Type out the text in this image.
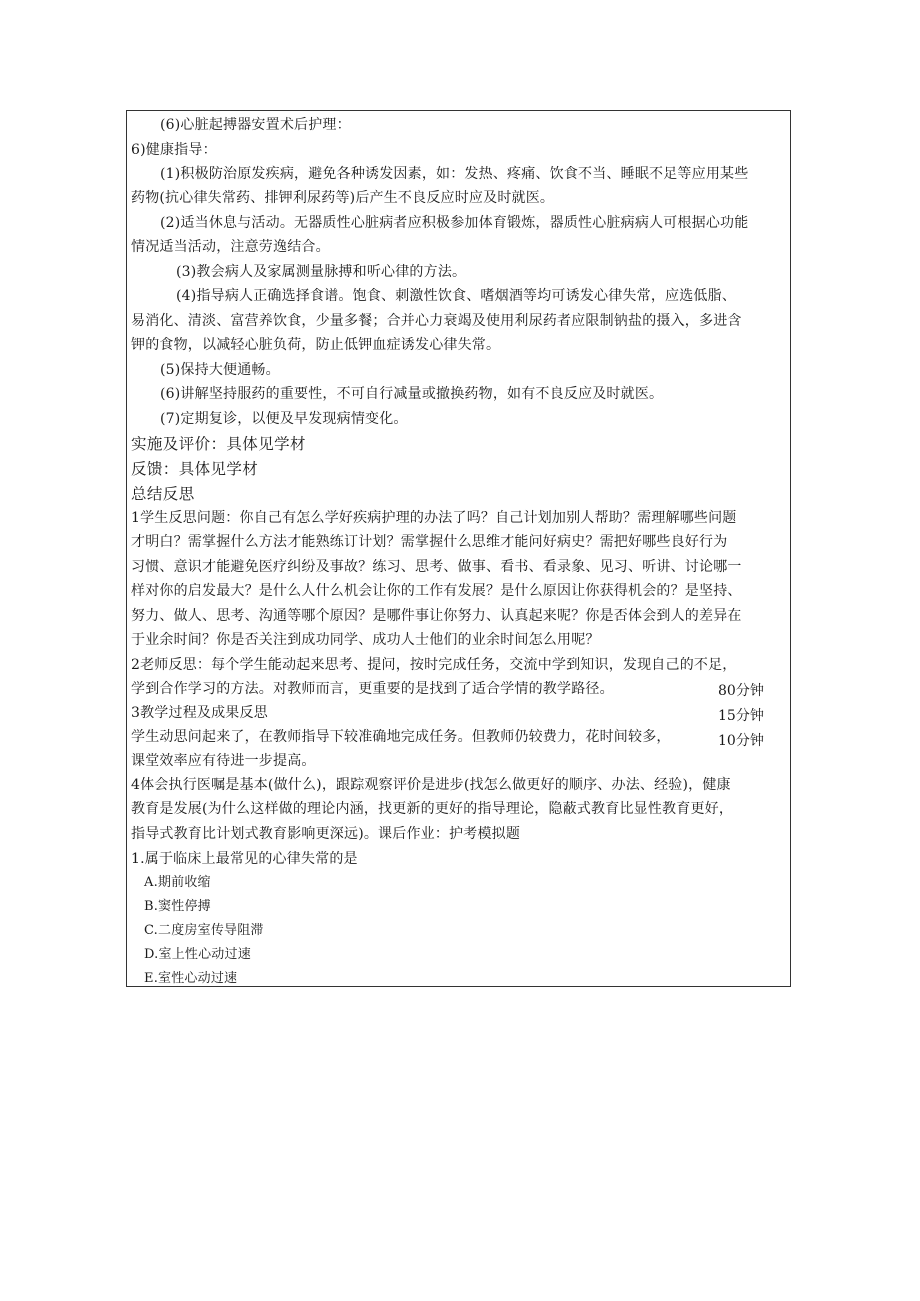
(6)心脏起搏器安置术后护理：
6)健康指导：
(1)积极防治原发疾病，避免各种诱发因素，如：发热、疼痛、饮食不当、睡眠不足等应用某些
药物(抗心律失常药、排钾利尿药等)后产生不良反应时应及时就医。
(2)适当休息与活动。无器质性心脏病者应积极参加体育锻炼，器质性心脏病病人可根据心功能
情况适当活动，注意劳逸结合。
(3)教会病人及家属测量脉搏和听心律的方法。
(4)指导病人正确选择食谱。饱食、刺激性饮食、嗜烟酒等均可诱发心律失常，应选低脂、
易消化、清淡、富营养饮食，少量多餐；合并心力衰竭及使用利尿药者应限制钠盐的摄入，多进含
钾的食物，以减轻心脏负荷，防止低钾血症诱发心律失常。
(5)保持大便通畅。
(6)讲解坚持服药的重要性，不可自行减量或撤换药物，如有不良反应及时就医。
(7)定期复诊，以便及早发现病情变化。
实施及评价：具体见学材
反馈：具体见学材
总结反思
1学生反思问题：你自己有怎么学好疾病护理的办法了吗？自己计划加别人帮助？需理解哪些问题
才明白？需掌握什么方法才能熟练订计划？需掌握什么思维才能问好病史？需把好哪些良好行为
习惯、意识才能避免医疗纠纷及事故？练习、思考、做事、看书、看录象、见习、听讲、讨论哪一
样对你的启发最大？是什么人什么机会让你的工作有发展？是什么原因让你获得机会的？是坚持、
努力、做人、思考、沟通等哪个原因？是哪件事让你努力、认真起来呢？你是否体会到人的差异在
于业余时间？你是否关注到成功同学、成功人士他们的业余时间怎么用呢？
2老师反思：每个学生能动起来思考、提问，按时完成任务，交流中学到知识，发现自己的不足，
学到合作学习的方法。对教师而言，更重要的是找到了适合学情的教学路径。
3教学过程及成果反思
学生动思问起来了，在教师指导下较准确地完成任务。但教师仍较费力，花时间较多，
课堂效率应有待进一步提高。
4体会执行医嘱是基本(做什么)，跟踪观察评价是进步(找怎么做更好的顺序、办法、经验)，健康
教育是发展(为什么这样做的理论内涵，找更新的更好的指导理论，隐蔽式教育比显性教育更好，
指导式教育比计划式教育影响更深远)。课后作业：护考模拟题
1.属于临床上最常见的心律失常的是
A.期前收缩
B.窦性停搏
C.二度房室传导阻滞
D.室上性心动过速
E.室性心动过速
80分钟
15分钟
10分钟
